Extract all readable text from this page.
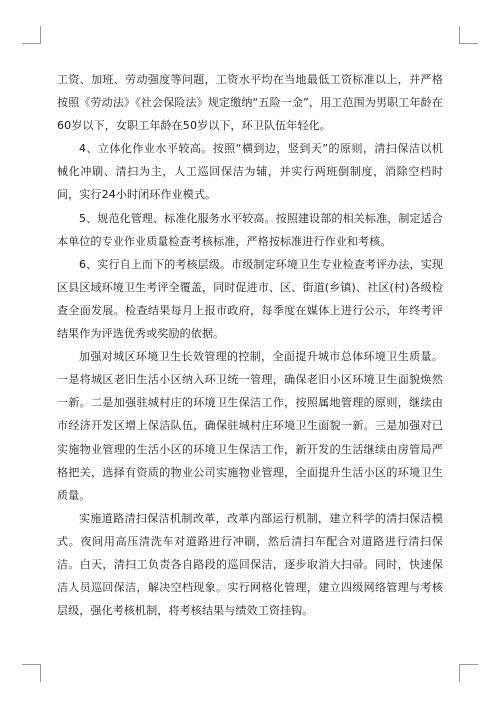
工资、加班、劳动强度等问题，工资水平均在当地最低工资标准以上，并严格按照《劳动法》《社会保险法》规定缴纳“五险一金”，用工范围为男职工年龄在60岁以下，女职工年龄在50岁以下，环卫队伍年轻化。

4、立体化作业水平较高。按照“横到边，竖到天”的原则，清扫保洁以机械化冲刷、清扫为主，人工巡回保洁为辅，并实行两班倒制度，消除空档时间，实行24小时闭环作业模式。

5、规范化管理、标准化服务水平较高。按照建设部的相关标准，制定适合本单位的专业作业质量检查考核标准，严格按标准进行作业和考核。

6、实行自上而下的考核层级。市级制定环境卫生专业检查考评办法，实现区县区域环境卫生考评全覆盖，同时促进市、区、街道(乡镇)、社区(村)各级检查全面发展。检查结果每月上报市政府，每季度在媒体上进行公示，年终考评结果作为评选优秀或奖励的依据。

加强对城区环境卫生长效管理的控制，全面提升城市总体环境卫生质量。一是将城区老旧生活小区纳入环卫统一管理，确保老旧小区环境卫生面貌焕然一新。二是加强驻城村庄的环境卫生保洁工作，按照属地管理的原则，继续由市经济开发区增上保洁队伍，确保驻城村庄环境卫生面貌一新。三是加强对已实施物业管理的生活小区的环境卫生保洁工作，新开发的生活继续由房管局严格把关，选择有资质的物业公司实施物业管理，全面提升生活小区的环境卫生质量。

实施道路清扫保洁机制改革，改革内部运行机制，建立科学的清扫保洁模式。夜间用高压清洗车对道路进行冲刷，然后清扫车配合对道路进行清扫保洁。白天，清扫工负责各自路段的巡回保洁，逐步取消大扫帚。同时，快速保洁人员巡回保洁，解决空档现象。实行网格化管理，建立四级网络管理与考核层级，强化考核机制，将考核结果与绩效工资挂钩。
